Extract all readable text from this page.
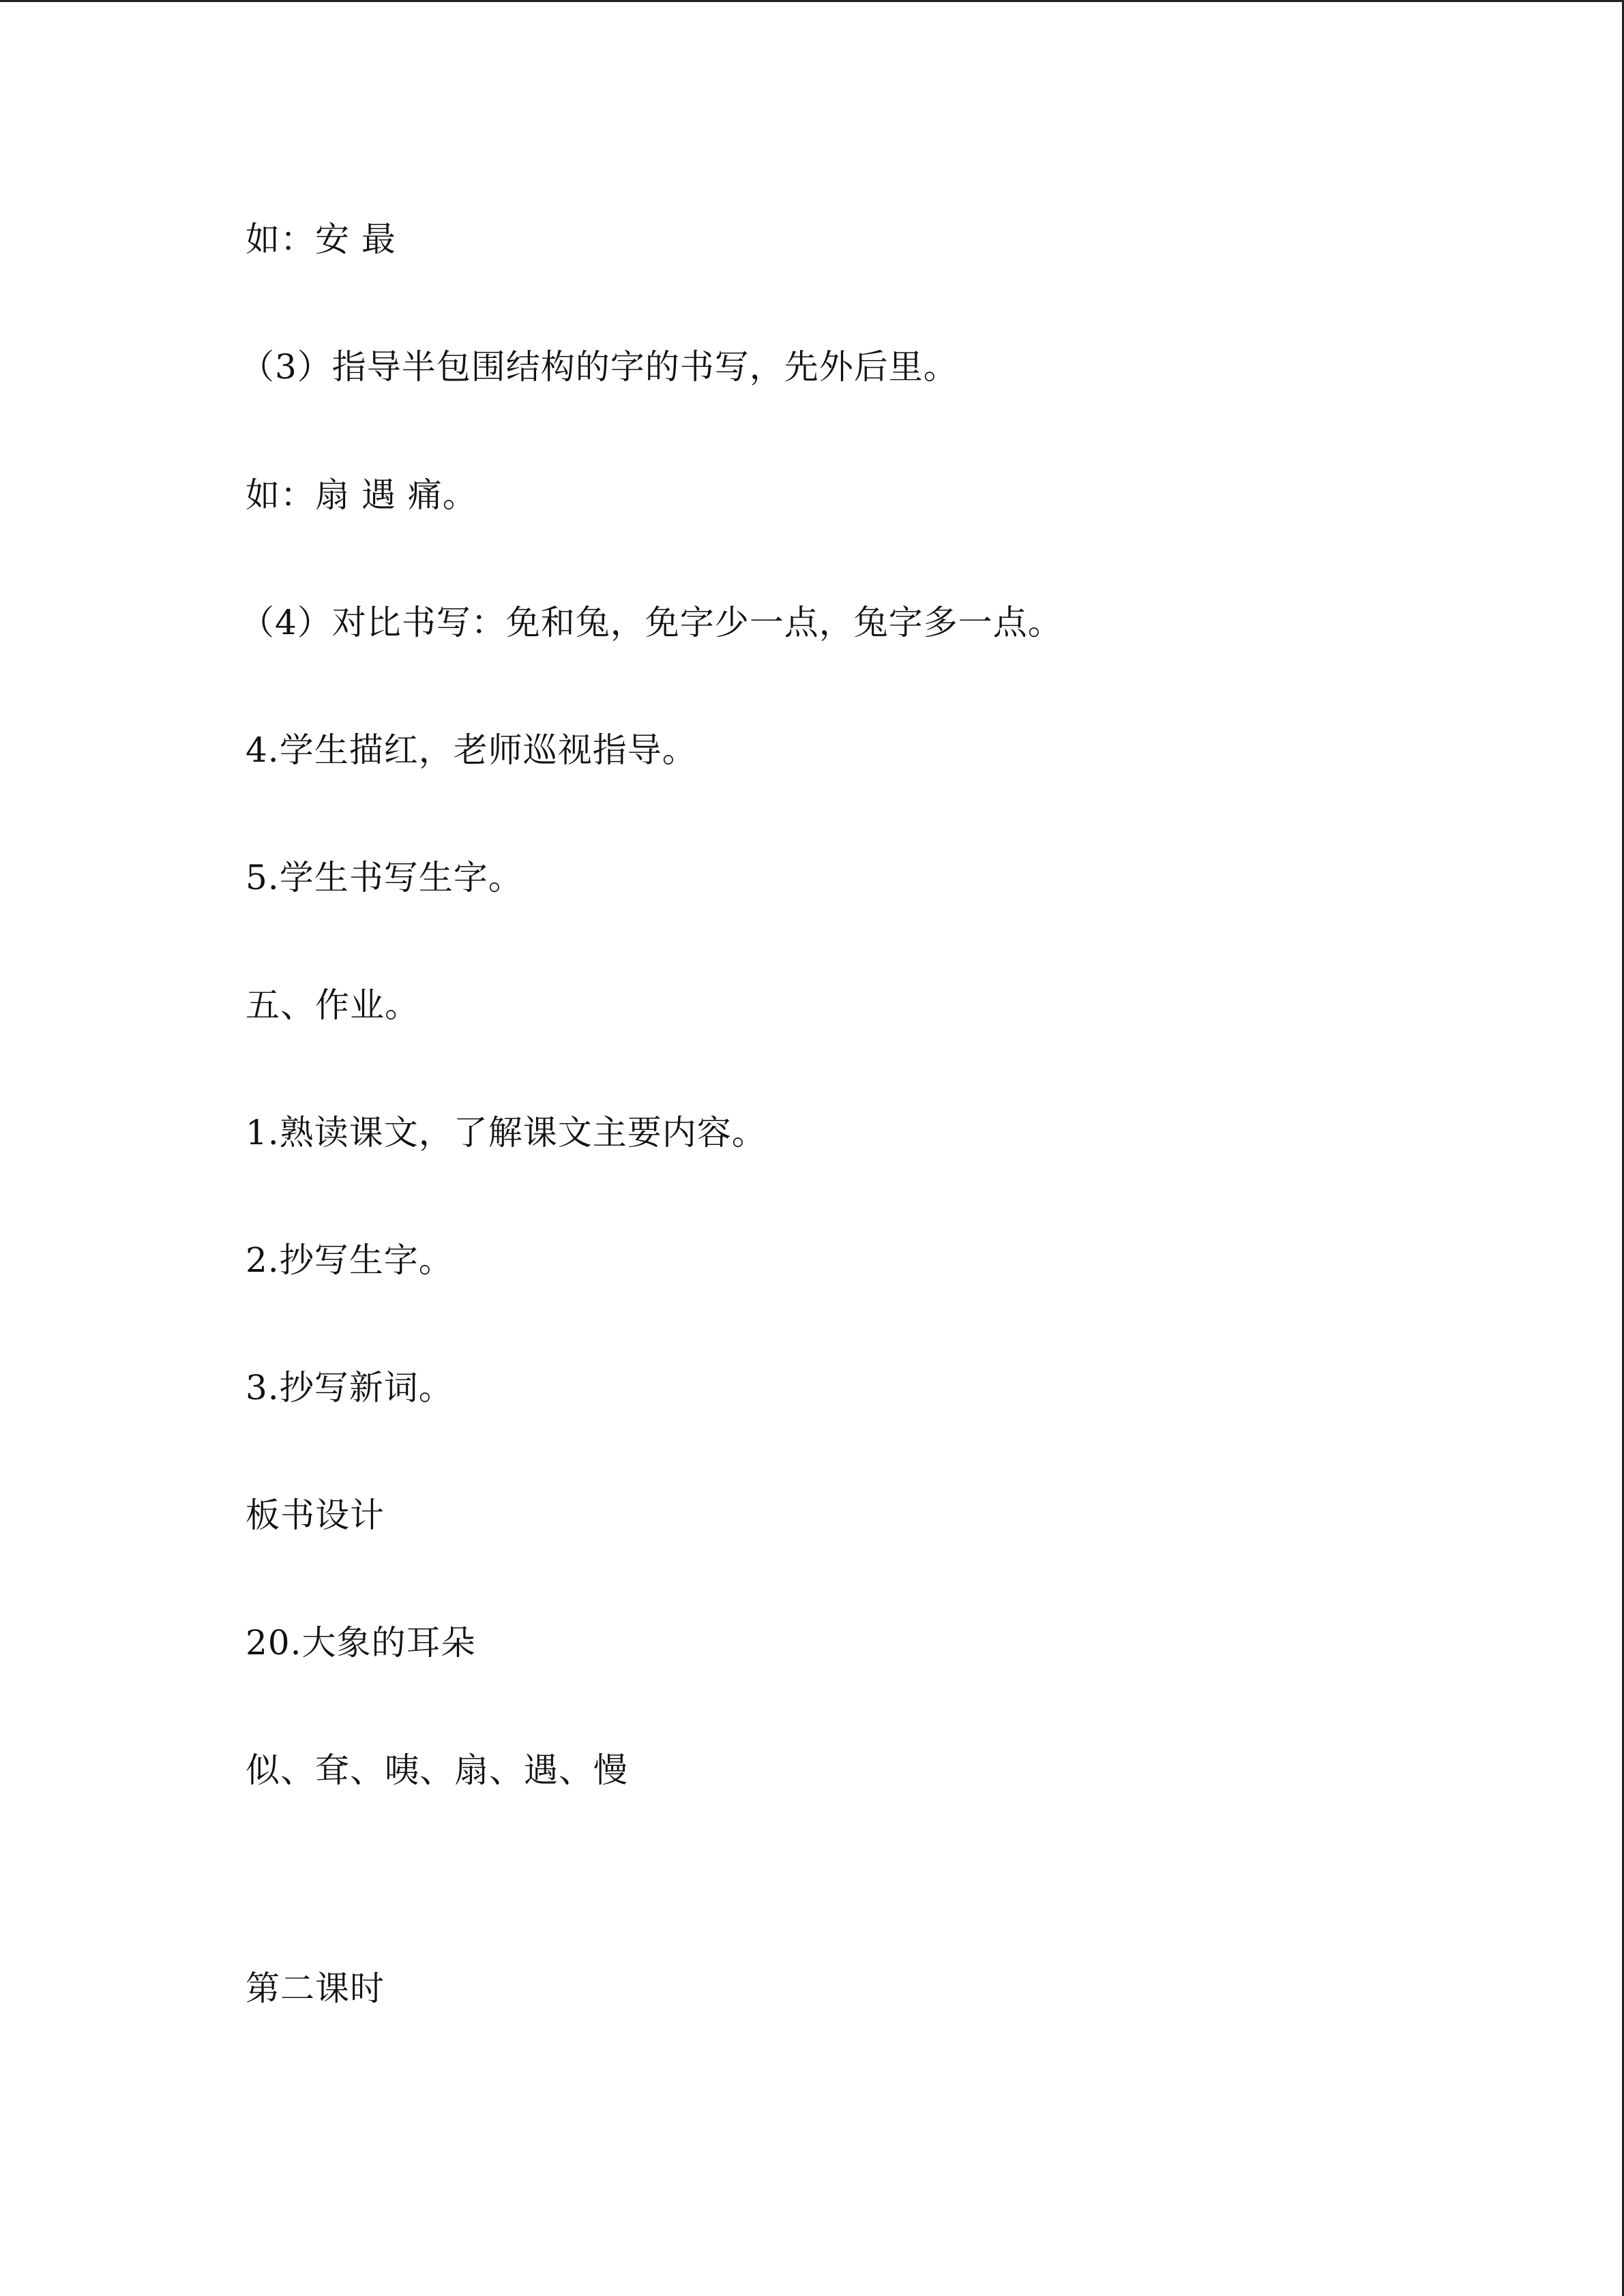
如：安 最

（3）指导半包围结构的字的书写，先外后里。

如：扇 遇 痛。

（4）对比书写：免和兔，免字少一点，兔字多一点。

4.学生描红，老师巡视指导。

5.学生书写生字。

五、作业。

1.熟读课文，了解课文主要内容。

2.抄写生字。

3.抄写新词。

板书设计

20.大象的耳朵

似、耷、咦、扇、遇、慢

第二课时
